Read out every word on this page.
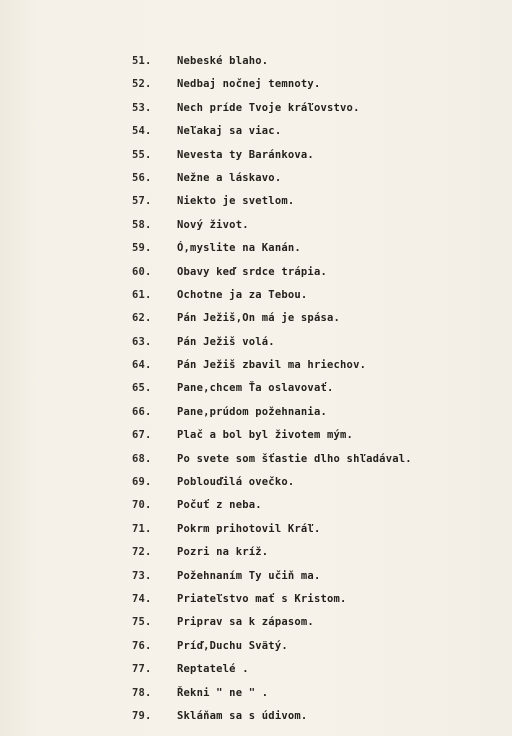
51.	Nebeské blaho.
52.	Nedbaj nočnej temnoty.
53.	Nech príde Tvoje kráľovstvo.
54.	Neľakaj sa viac.
55.	Nevesta ty Baránkova.
56.	Nežne a láskavo.
57.	Niekto je svetlom.
58.	Nový život.
59.	Ó,myslite na Kanán.
60.	Obavy keď srdce trápia.
61.	Ochotne ja za Tebou.
62.	Pán Ježiš,On má je spása.
63.	Pán Ježiš volá.
64.	Pán Ježiš zbavil ma hriechov.
65.	Pane,chcem Ťa oslavovať.
66.	Pane,prúdom požehnania.
67.	Plač a bol byl životem mým.
68.	Po svete som šťastie dlho shľadával.
69.	Poblouďilá ovečko.
70.	Počuť z neba.
71.	Pokrm prihotovil Kráľ.
72.	Pozri na kríž.
73.	Požehnaním Ty učiň ma.
74.	Priateľstvo mať s Kristom.
75.	Priprav sa k zápasom.
76.	Príď,Duchu Svätý.
77.	Reptatelé .
78.	Řekni " ne " .
79.	Skláňam sa s údivom.
